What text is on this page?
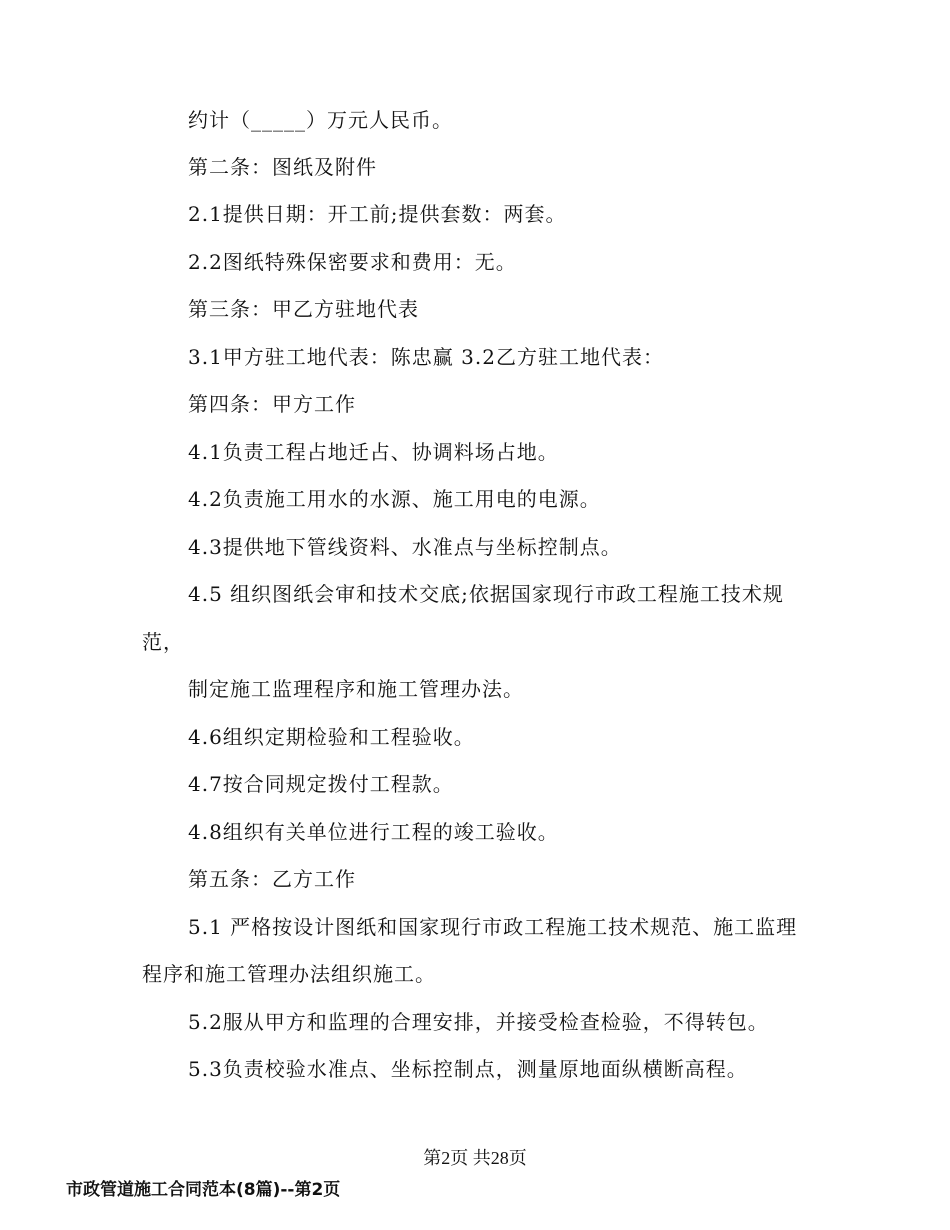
约计（_____）万元人民币。
第二条：图纸及附件
2.1提供日期：开工前;提供套数：两套。
2.2图纸特殊保密要求和费用：无。
第三条：甲乙方驻地代表
3.1甲方驻工地代表：陈忠赢 3.2乙方驻工地代表：
第四条：甲方工作
4.1负责工程占地迁占、协调料场占地。
4.2负责施工用水的水源、施工用电的电源。
4.3提供地下管线资料、水准点与坐标控制点。
4.5 组织图纸会审和技术交底;依据国家现行市政工程施工技术规
范，
制定施工监理程序和施工管理办法。
4.6组织定期检验和工程验收。
4.7按合同规定拨付工程款。
4.8组织有关单位进行工程的竣工验收。
第五条：乙方工作
5.1 严格按设计图纸和国家现行市政工程施工技术规范、施工监理
程序和施工管理办法组织施工。
5.2服从甲方和监理的合理安排，并接受检查检验，不得转包。
5.3负责校验水准点、坐标控制点，测量原地面纵横断高程。
第2页 共28页
市政管道施工合同范本(8篇)--第2页
